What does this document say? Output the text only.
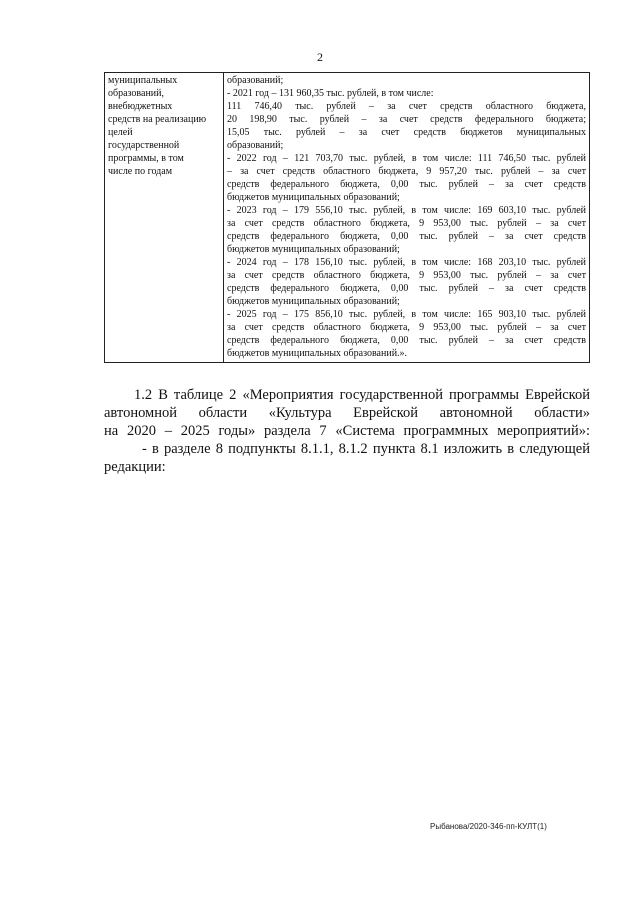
2
муниципальных
образований,
внебюджетных
средств на реализацию
целей
государственной
программы, в том
числе по годам

образований;
- 2021 год – 131 960,35 тыс. рублей, в том числе:
111 746,40 тыс. рублей – за счет средств областного бюджета,
20 198,90 тыс. рублей – за счет средств федерального бюджета;
15,05 тыс. рублей – за счет средств бюджетов муниципальных
образований;
- 2022 год – 121 703,70 тыс. рублей, в том числе: 111 746,50 тыс. рублей
– за счет средств областного бюджета, 9 957,20 тыс. рублей – за счет
средств федерального бюджета, 0,00 тыс. рублей – за счет средств
бюджетов муниципальных образований;
- 2023 год – 179 556,10 тыс. рублей, в том числе: 169 603,10 тыс. рублей
за счет средств областного бюджета, 9 953,00 тыс. рублей – за счет
средств федерального бюджета, 0,00 тыс. рублей – за счет средств
бюджетов муниципальных образований;
- 2024 год – 178 156,10 тыс. рублей, в том числе: 168 203,10 тыс. рублей
за счет средств областного бюджета, 9 953,00 тыс. рублей – за счет
средств федерального бюджета, 0,00 тыс. рублей – за счет средств
бюджетов муниципальных образований;
- 2025 год – 175 856,10 тыс. рублей, в том числе: 165 903,10 тыс. рублей
за счет средств областного бюджета, 9 953,00 тыс. рублей – за счет
средств федерального бюджета, 0,00 тыс. рублей – за счет средств
бюджетов муниципальных образований.».
1.2 В таблице 2 «Мероприятия государственной программы Еврейской
автономной области «Культура Еврейской автономной области»
на 2020 – 2025 годы» раздела 7 «Система программных мероприятий»:
- в разделе 8 подпункты 8.1.1, 8.1.2 пункта 8.1 изложить в следующей
редакции:
Рыбанова/2020-346-пп-КУЛТ(1)
